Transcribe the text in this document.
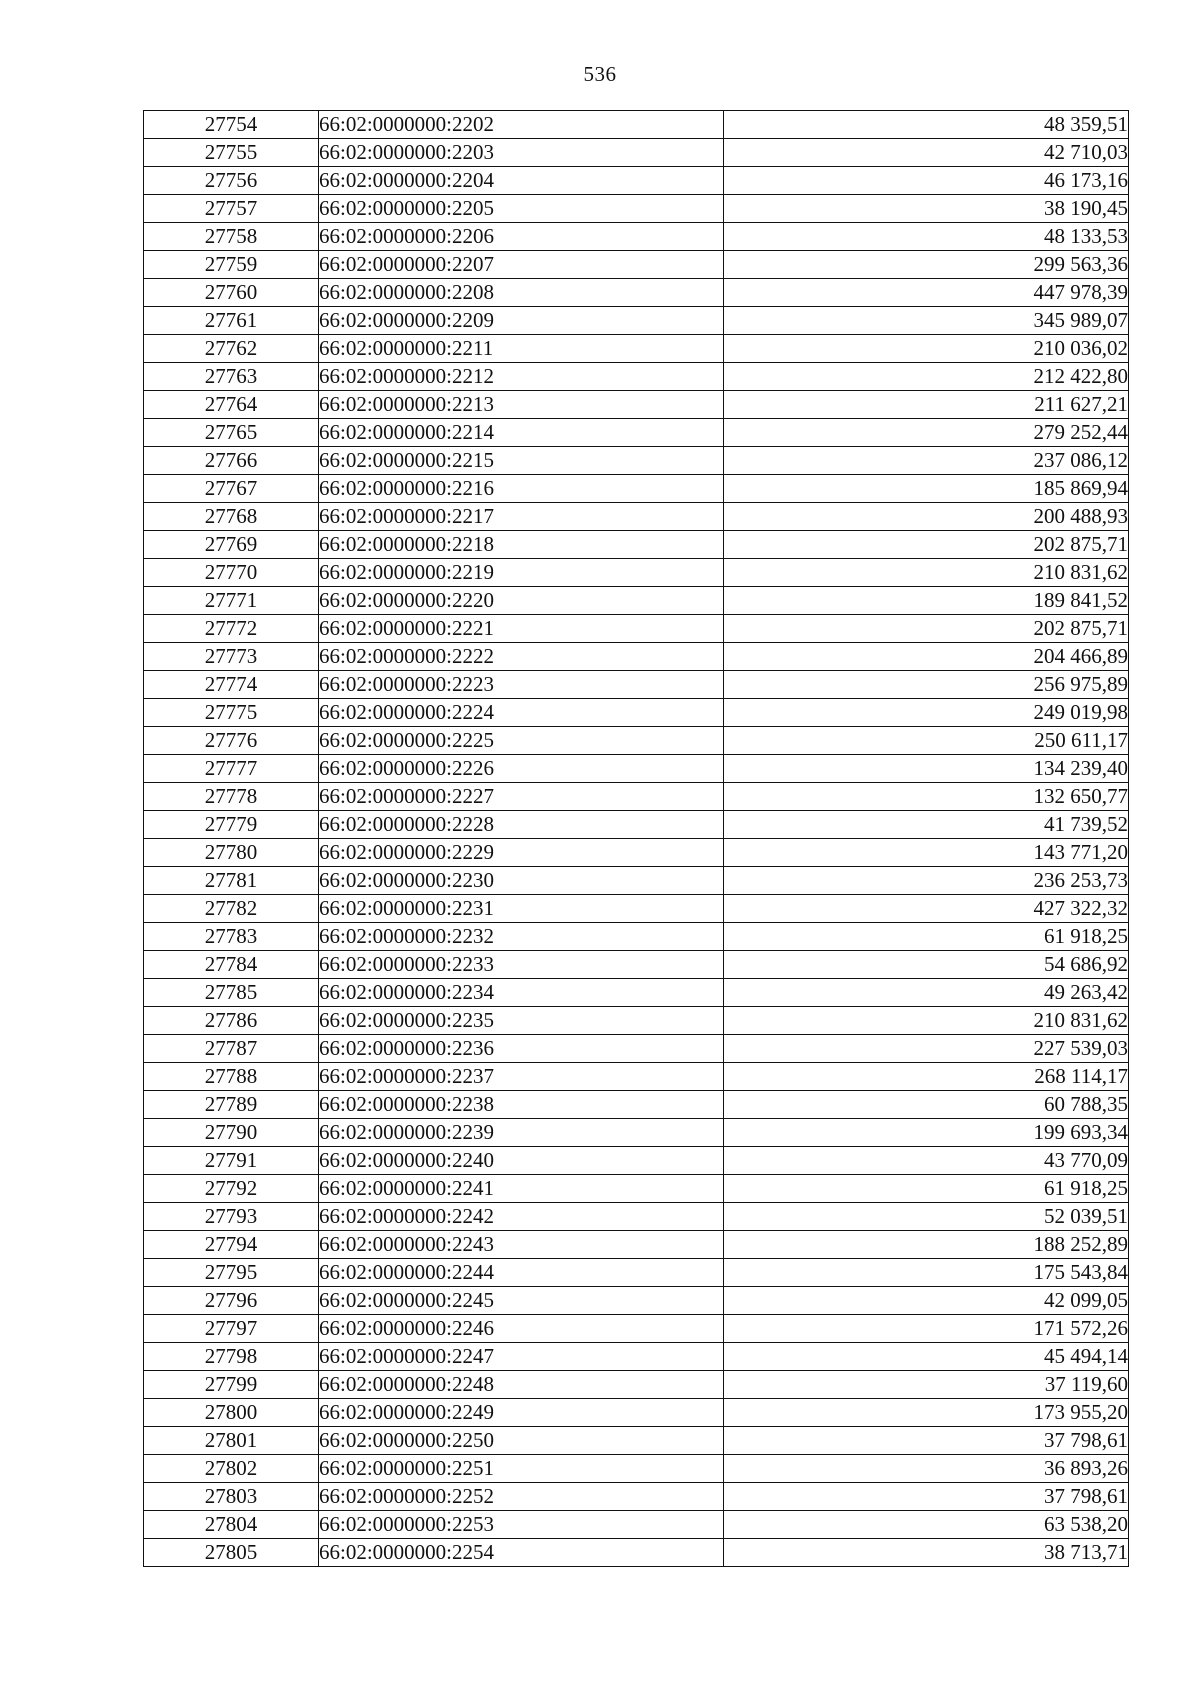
536
27754	66:02:0000000:2202	48 359,51
27755	66:02:0000000:2203	42 710,03
27756	66:02:0000000:2204	46 173,16
27757	66:02:0000000:2205	38 190,45
27758	66:02:0000000:2206	48 133,53
27759	66:02:0000000:2207	299 563,36
27760	66:02:0000000:2208	447 978,39
27761	66:02:0000000:2209	345 989,07
27762	66:02:0000000:2211	210 036,02
27763	66:02:0000000:2212	212 422,80
27764	66:02:0000000:2213	211 627,21
27765	66:02:0000000:2214	279 252,44
27766	66:02:0000000:2215	237 086,12
27767	66:02:0000000:2216	185 869,94
27768	66:02:0000000:2217	200 488,93
27769	66:02:0000000:2218	202 875,71
27770	66:02:0000000:2219	210 831,62
27771	66:02:0000000:2220	189 841,52
27772	66:02:0000000:2221	202 875,71
27773	66:02:0000000:2222	204 466,89
27774	66:02:0000000:2223	256 975,89
27775	66:02:0000000:2224	249 019,98
27776	66:02:0000000:2225	250 611,17
27777	66:02:0000000:2226	134 239,40
27778	66:02:0000000:2227	132 650,77
27779	66:02:0000000:2228	41 739,52
27780	66:02:0000000:2229	143 771,20
27781	66:02:0000000:2230	236 253,73
27782	66:02:0000000:2231	427 322,32
27783	66:02:0000000:2232	61 918,25
27784	66:02:0000000:2233	54 686,92
27785	66:02:0000000:2234	49 263,42
27786	66:02:0000000:2235	210 831,62
27787	66:02:0000000:2236	227 539,03
27788	66:02:0000000:2237	268 114,17
27789	66:02:0000000:2238	60 788,35
27790	66:02:0000000:2239	199 693,34
27791	66:02:0000000:2240	43 770,09
27792	66:02:0000000:2241	61 918,25
27793	66:02:0000000:2242	52 039,51
27794	66:02:0000000:2243	188 252,89
27795	66:02:0000000:2244	175 543,84
27796	66:02:0000000:2245	42 099,05
27797	66:02:0000000:2246	171 572,26
27798	66:02:0000000:2247	45 494,14
27799	66:02:0000000:2248	37 119,60
27800	66:02:0000000:2249	173 955,20
27801	66:02:0000000:2250	37 798,61
27802	66:02:0000000:2251	36 893,26
27803	66:02:0000000:2252	37 798,61
27804	66:02:0000000:2253	63 538,20
27805	66:02:0000000:2254	38 713,71
